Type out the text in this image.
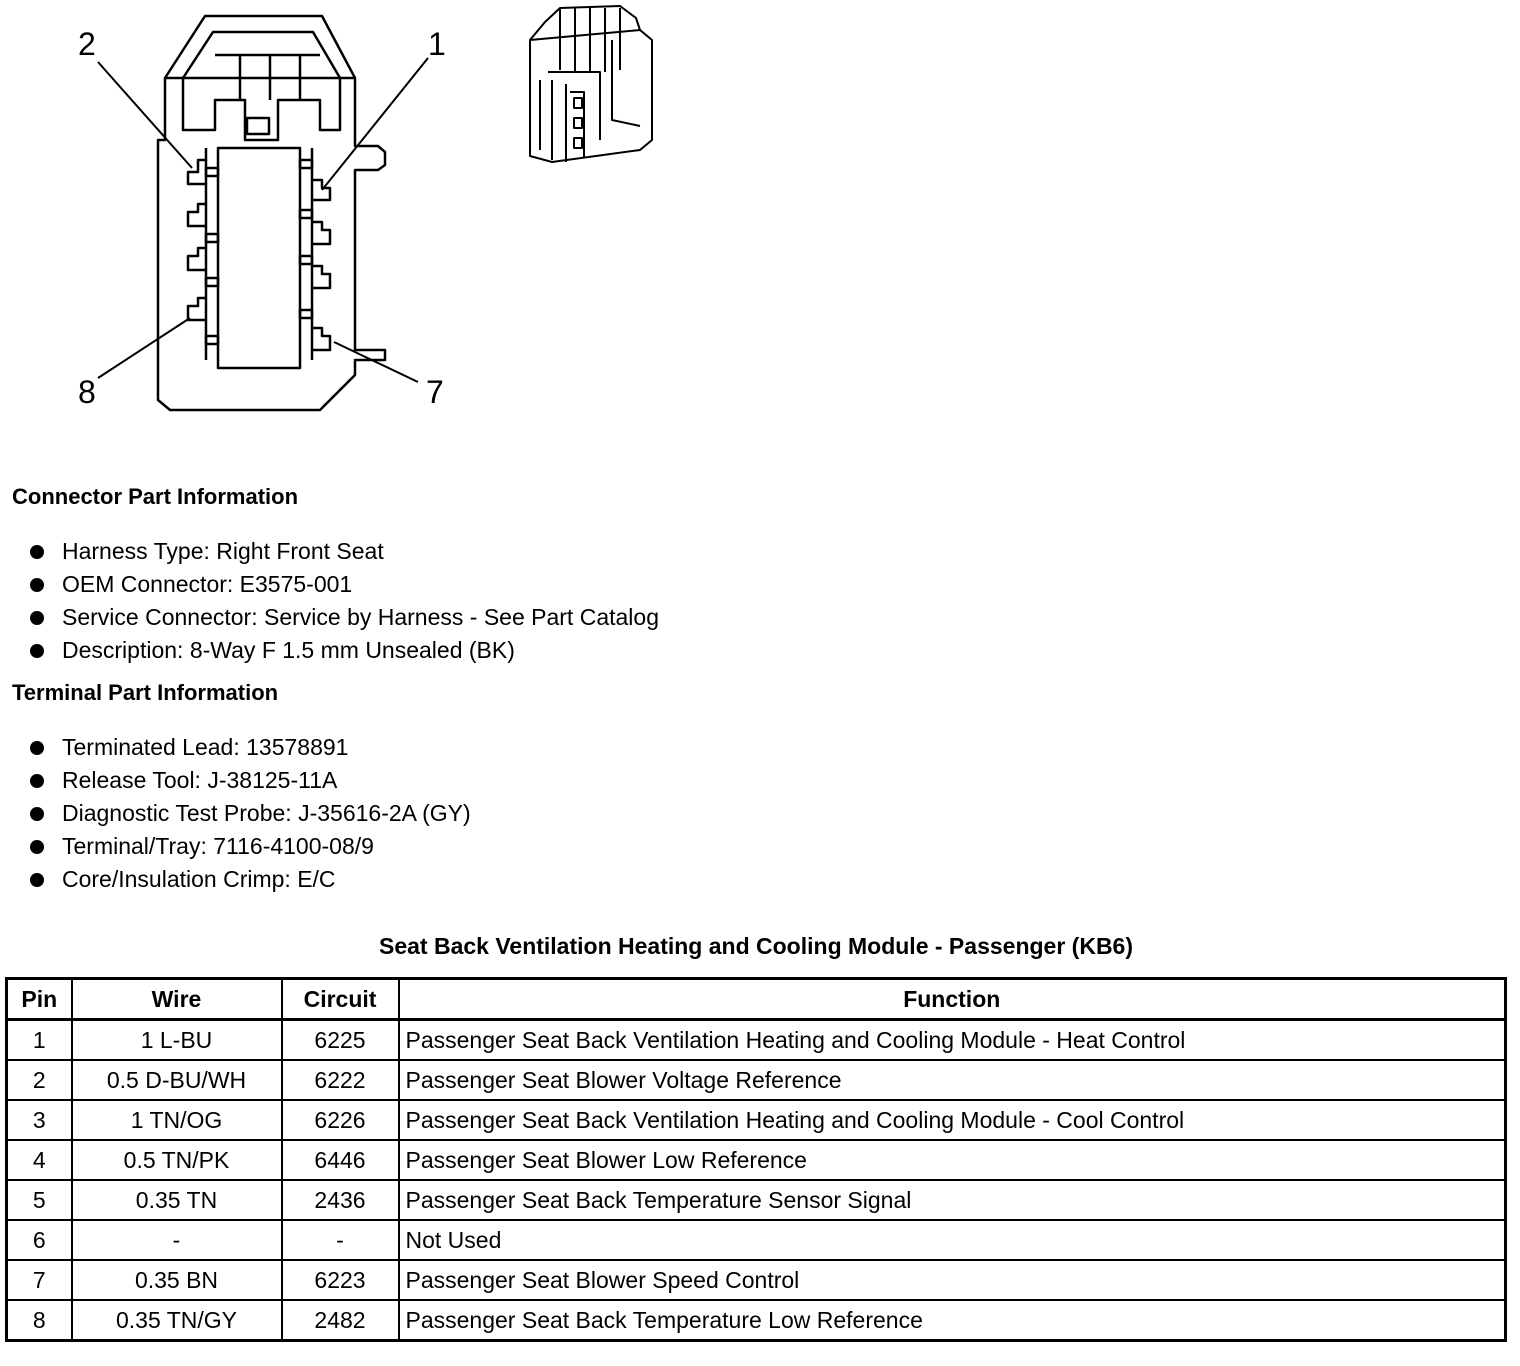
2	1
8	7
Connector Part Information
Harness Type: Right Front Seat
OEM Connector: E3575-001
Service Connector: Service by Harness - See Part Catalog
Description: 8-Way F 1.5 mm Unsealed (BK)
Terminal Part Information
Terminated Lead: 13578891
Release Tool: J-38125-11A
Diagnostic Test Probe: J-35616-2A (GY)
Terminal/Tray: 7116-4100-08/9
Core/Insulation Crimp: E/C
Seat Back Ventilation Heating and Cooling Module - Passenger (KB6)
Pin	Wire	Circuit	Function
1	1 L-BU	6225	Passenger Seat Back Ventilation Heating and Cooling Module - Heat Control
2	0.5 D-BU/WH	6222	Passenger Seat Blower Voltage Reference
3	1 TN/OG	6226	Passenger Seat Back Ventilation Heating and Cooling Module - Cool Control
4	0.5 TN/PK	6446	Passenger Seat Blower Low Reference
5	0.35 TN	2436	Passenger Seat Back Temperature Sensor Signal
6	-	-	Not Used
7	0.35 BN	6223	Passenger Seat Blower Speed Control
8	0.35 TN/GY	2482	Passenger Seat Back Temperature Low Reference
